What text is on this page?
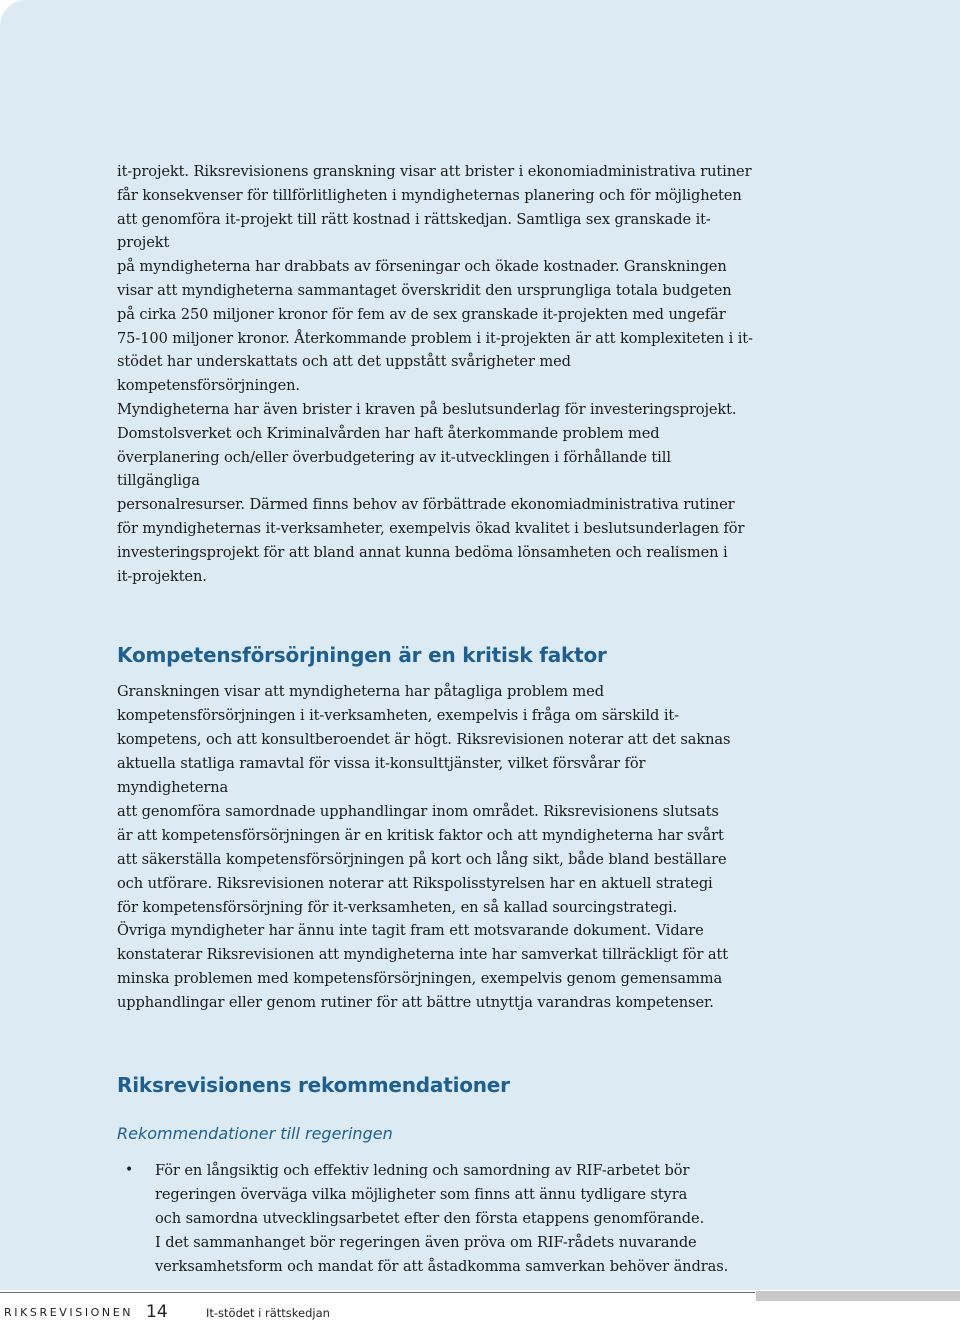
it-projekt. Riksrevisionens granskning visar att brister i ekonomiadministrativa rutiner
får konsekvenser för tillförlitligheten i myndigheternas planering och för möjligheten
att genomföra it-projekt till rätt kostnad i rättskedjan. Samtliga sex granskade it-projekt
på myndigheterna har drabbats av förseningar och ökade kostnader. Granskningen
visar att myndigheterna sammantaget överskridit den ursprungliga totala budgeten
på cirka 250 miljoner kronor för fem av de sex granskade it-projekten med ungefär
75-100 miljoner kronor. Återkommande problem i it-projekten är att komplexiteten i it-
stödet har underskattats och att det uppstått svårigheter med kompetensförsörjningen.
Myndigheterna har även brister i kraven på beslutsunderlag för investeringsprojekt.
Domstolsverket och Kriminalvården har haft återkommande problem med
överplanering och/eller överbudgetering av it-utvecklingen i förhållande till tillgängliga
personalresurser. Därmed finns behov av förbättrade ekonomiadministrativa rutiner
för myndigheternas it-verksamheter, exempelvis ökad kvalitet i beslutsunderlagen för
investeringsprojekt för att bland annat kunna bedöma lönsamheten och realismen i
it-projekten.

Kompetensförsörjningen är en kritisk faktor

Granskningen visar att myndigheterna har påtagliga problem med
kompetensförsörjningen i it-verksamheten, exempelvis i fråga om särskild it-
kompetens, och att konsultberoendet är högt. Riksrevisionen noterar att det saknas
aktuella statliga ramavtal för vissa it-konsulttjänster, vilket försvårar för myndigheterna
att genomföra samordnade upphandlingar inom området. Riksrevisionens slutsats
är att kompetensförsörjningen är en kritisk faktor och att myndigheterna har svårt
att säkerställa kompetensförsörjningen på kort och lång sikt, både bland beställare
och utförare. Riksrevisionen noterar att Rikspolisstyrelsen har en aktuell strategi
för kompetensförsörjning för it-verksamheten, en så kallad sourcingstrategi.
Övriga myndigheter har ännu inte tagit fram ett motsvarande dokument. Vidare
konstaterar Riksrevisionen att myndigheterna inte har samverkat tillräckligt för att
minska problemen med kompetensförsörjningen, exempelvis genom gemensamma
upphandlingar eller genom rutiner för att bättre utnyttja varandras kompetenser.

Riksrevisionens rekommendationer

Rekommendationer till regeringen

• För en långsiktig och effektiv ledning och samordning av RIF-arbetet bör
regeringen överväga vilka möjligheter som finns att ännu tydligare styra
och samordna utvecklingsarbetet efter den första etappens genomförande.
I det sammanhanget bör regeringen även pröva om RIF-rådets nuvarande
verksamhetsform och mandat för att åstadkomma samverkan behöver ändras.
RIKSREVISIONEN 14	It-stödet i rättskedjan
